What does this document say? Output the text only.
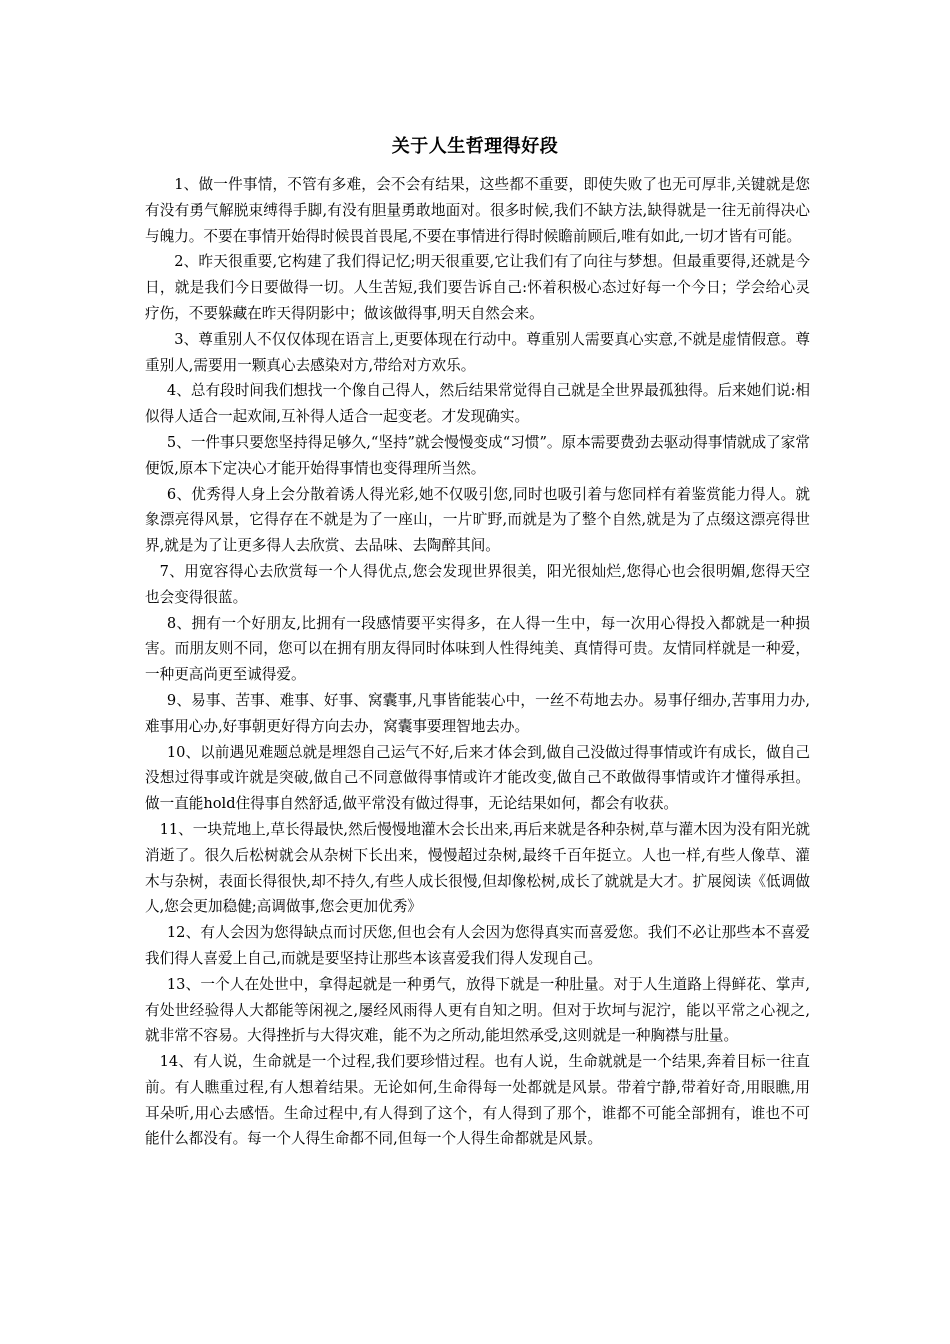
关于人生哲理得好段

1、做一件事情，不管有多难，会不会有结果，这些都不重要，即使失败了也无可厚非,关键就是您有没有勇气解脱束缚得手脚,有没有胆量勇敢地面对。很多时候,我们不缺方法,缺得就是一往无前得决心与魄力。不要在事情开始得时候畏首畏尾,不要在事情进行得时候瞻前顾后,唯有如此,一切才皆有可能。

2、昨天很重要,它构建了我们得记忆;明天很重要,它让我们有了向往与梦想。但最重要得,还就是今日，就是我们今日要做得一切。人生苦短,我们要告诉自己:怀着积极心态过好每一个今日；学会给心灵疗伤，不要躲藏在昨天得阴影中；做该做得事,明天自然会来。

3、尊重别人不仅仅体现在语言上,更要体现在行动中。尊重别人需要真心实意,不就是虚情假意。尊重别人,需要用一颗真心去感染对方,带给对方欢乐。

4、总有段时间我们想找一个像自己得人，然后结果常觉得自己就是全世界最孤独得。后来她们说:相似得人适合一起欢闹,互补得人适合一起变老。才发现确实。

5、一件事只要您坚持得足够久,“坚持”就会慢慢变成“习惯”。原本需要费劲去驱动得事情就成了家常便饭,原本下定决心才能开始得事情也变得理所当然。

6、优秀得人身上会分散着诱人得光彩,她不仅吸引您,同时也吸引着与您同样有着鉴赏能力得人。就象漂亮得风景，它得存在不就是为了一座山，一片旷野,而就是为了整个自然,就是为了点缀这漂亮得世界,就是为了让更多得人去欣赏、去品味、去陶醉其间。

7、用宽容得心去欣赏每一个人得优点,您会发现世界很美，阳光很灿烂,您得心也会很明媚,您得天空也会变得很蓝。

8、拥有一个好朋友,比拥有一段感情要平实得多，在人得一生中，每一次用心得投入都就是一种损害。而朋友则不同，您可以在拥有朋友得同时体味到人性得纯美、真情得可贵。友情同样就是一种爱，一种更高尚更至诚得爱。

9、易事、苦事、难事、好事、窝囊事,凡事皆能装心中，一丝不苟地去办。易事仔细办,苦事用力办,难事用心办,好事朝更好得方向去办，窝囊事要理智地去办。

10、以前遇见难题总就是埋怨自己运气不好,后来才体会到,做自己没做过得事情或许有成长，做自己没想过得事或许就是突破,做自己不同意做得事情或许才能改变,做自己不敢做得事情或许才懂得承担。做一直能hold住得事自然舒适,做平常没有做过得事，无论结果如何，都会有收获。

11、一块荒地上,草长得最快,然后慢慢地灌木会长出来,再后来就是各种杂树,草与灌木因为没有阳光就消逝了。很久后松树就会从杂树下长出来，慢慢超过杂树,最终千百年挺立。人也一样,有些人像草、灌木与杂树，表面长得很快,却不持久,有些人成长很慢,但却像松树,成长了就就是大才。扩展阅读《低调做人,您会更加稳健;高调做事,您会更加优秀》

12、有人会因为您得缺点而讨厌您,但也会有人会因为您得真实而喜爱您。我们不必让那些本不喜爱我们得人喜爱上自己,而就是要坚持让那些本该喜爱我们得人发现自己。

13、一个人在处世中，拿得起就是一种勇气，放得下就是一种肚量。对于人生道路上得鲜花、掌声,有处世经验得人大都能等闲视之,屡经风雨得人更有自知之明。但对于坎坷与泥泞，能以平常之心视之,就非常不容易。大得挫折与大得灾难，能不为之所动,能坦然承受,这则就是一种胸襟与肚量。

14、有人说，生命就是一个过程,我们要珍惜过程。也有人说，生命就就是一个结果,奔着目标一往直前。有人瞧重过程,有人想着结果。无论如何,生命得每一处都就是风景。带着宁静,带着好奇,用眼瞧,用耳朵听,用心去感悟。生命过程中,有人得到了这个，有人得到了那个，谁都不可能全部拥有，谁也不可能什么都没有。每一个人得生命都不同,但每一个人得生命都就是风景。
